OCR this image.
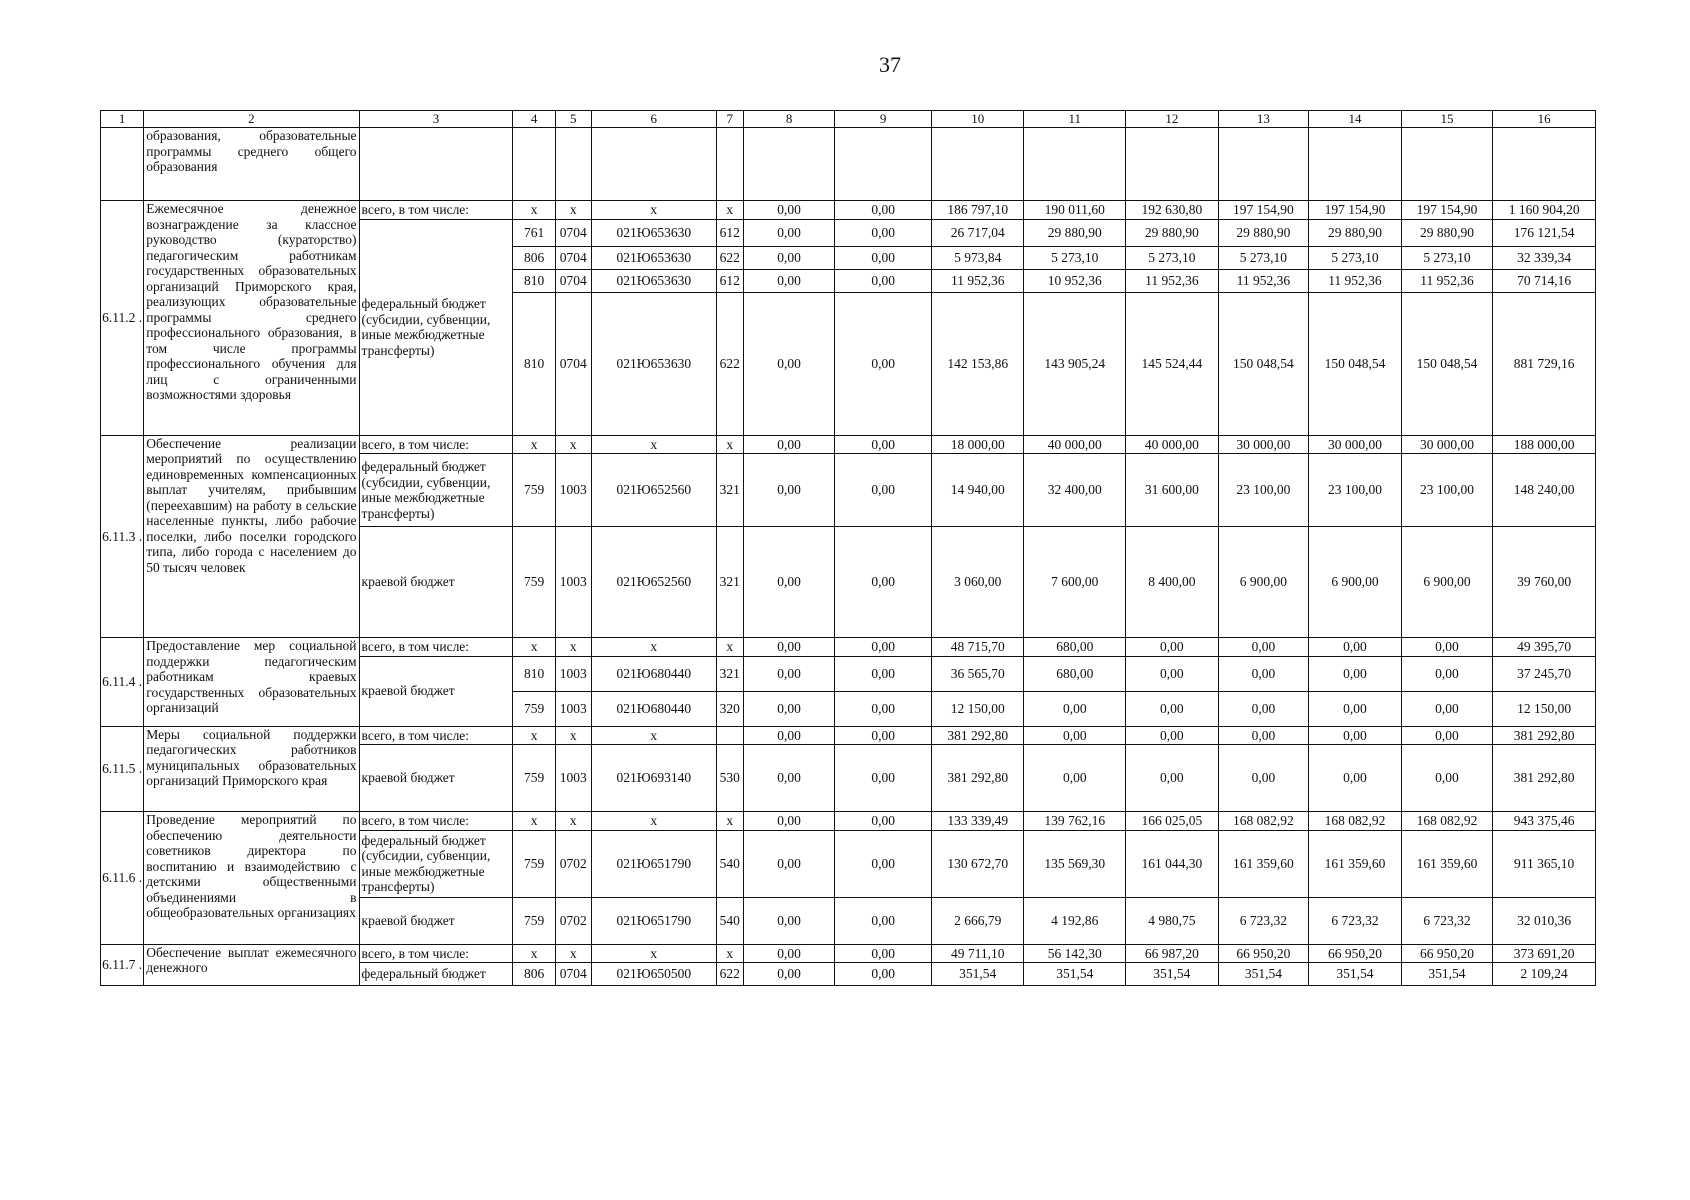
37
1	2	3	4	5	6	7	8	9	10	11	12	13	14	15	16
	образования, образовательные программы среднего общего образования														
6.11.2 .	Ежемесячное денежное вознаграждение за классное руководство (кураторство) педагогическим работникам государственных образовательных организаций Приморского края, реализующих образовательные программы среднего профессионального образования, в том числе программы профессионального обучения для лиц с ограниченными возможностями здоровья	всего, в том числе:	х	х	х	х	0,00	0,00	186 797,10	190 011,60	192 630,80	197 154,90	197 154,90	197 154,90	1 160 904,20
		федеральный бюджет (субсидии, субвенции, иные межбюджетные трансферты)	761	0704	021Ю653630	612	0,00	0,00	26 717,04	29 880,90	29 880,90	29 880,90	29 880,90	29 880,90	176 121,54
			806	0704	021Ю653630	622	0,00	0,00	5 973,84	5 273,10	5 273,10	5 273,10	5 273,10	5 273,10	32 339,34
			810	0704	021Ю653630	612	0,00	0,00	11 952,36	10 952,36	11 952,36	11 952,36	11 952,36	11 952,36	70 714,16
			810	0704	021Ю653630	622	0,00	0,00	142 153,86	143 905,24	145 524,44	150 048,54	150 048,54	150 048,54	881 729,16
6.11.3 .	Обеспечение реализации мероприятий по осуществлению единовременных компенсационных выплат учителям, прибывшим (переехавшим) на работу в сельские населенные пункты, либо рабочие поселки, либо поселки городского типа, либо города с населением до 50 тысяч человек	всего, в том числе:	х	х	х	х	0,00	0,00	18 000,00	40 000,00	40 000,00	30 000,00	30 000,00	30 000,00	188 000,00
		федеральный бюджет (субсидии, субвенции, иные межбюджетные трансферты)	759	1003	021Ю652560	321	0,00	0,00	14 940,00	32 400,00	31 600,00	23 100,00	23 100,00	23 100,00	148 240,00
		краевой бюджет	759	1003	021Ю652560	321	0,00	0,00	3 060,00	7 600,00	8 400,00	6 900,00	6 900,00	6 900,00	39 760,00
6.11.4 .	Предоставление мер социальной поддержки педагогическим работникам краевых государственных образовательных организаций	всего, в том числе:	х	х	х	х	0,00	0,00	48 715,70	680,00	0,00	0,00	0,00	0,00	49 395,70
		краевой бюджет	810	1003	021Ю680440	321	0,00	0,00	36 565,70	680,00	0,00	0,00	0,00	0,00	37 245,70
			759	1003	021Ю680440	320	0,00	0,00	12 150,00	0,00	0,00	0,00	0,00	0,00	12 150,00
6.11.5 .	Меры социальной поддержки педагогических работников муниципальных образовательных организаций Приморского края	всего, в том числе:	х	х	х		0,00	0,00	381 292,80	0,00	0,00	0,00	0,00	0,00	381 292,80
		краевой бюджет	759	1003	021Ю693140	530	0,00	0,00	381 292,80	0,00	0,00	0,00	0,00	0,00	381 292,80
6.11.6 .	Проведение мероприятий по обеспечению деятельности советников директора по воспитанию и взаимодействию с детскими общественными объединениями в общеобразовательных организациях	всего, в том числе:	х	х	х	х	0,00	0,00	133 339,49	139 762,16	166 025,05	168 082,92	168 082,92	168 082,92	943 375,46
		федеральный бюджет (субсидии, субвенции, иные межбюджетные трансферты)	759	0702	021Ю651790	540	0,00	0,00	130 672,70	135 569,30	161 044,30	161 359,60	161 359,60	161 359,60	911 365,10
		краевой бюджет	759	0702	021Ю651790	540	0,00	0,00	2 666,79	4 192,86	4 980,75	6 723,32	6 723,32	6 723,32	32 010,36
6.11.7 .	Обеспечение выплат ежемесячного денежного	всего, в том числе:	х	х	х	х	0,00	0,00	49 711,10	56 142,30	66 987,20	66 950,20	66 950,20	66 950,20	373 691,20
		федеральный бюджет	806	0704	021Ю650500	622	0,00	0,00	351,54	351,54	351,54	351,54	351,54	351,54	2 109,24
